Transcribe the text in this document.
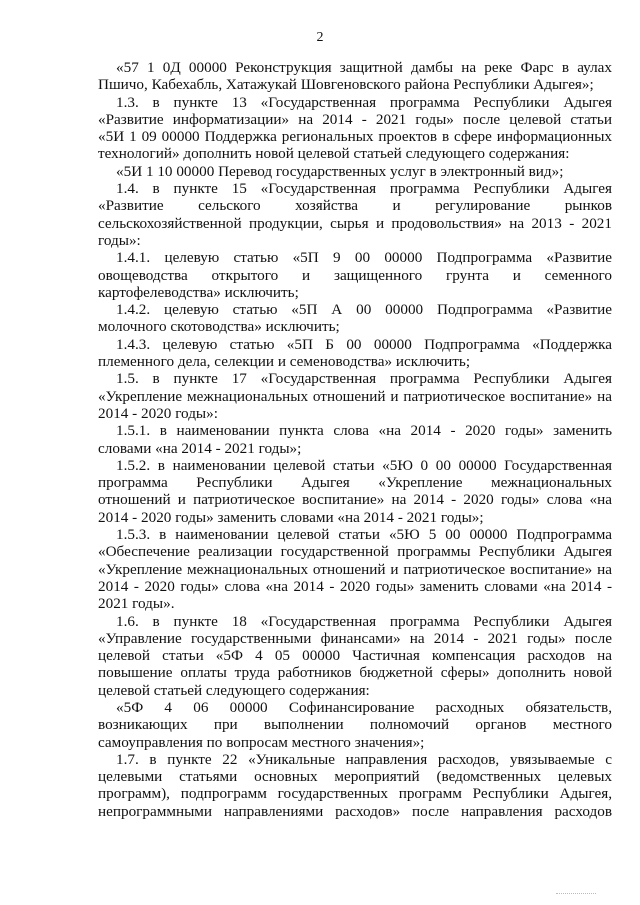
2
«57 1 0Д 00000 Реконструкция защитной дамбы на реке Фарс в аулах
Пшичо, Кабехабль, Хатажукай Шовгеновского района Республики Адыгея»;
1.3. в пункте 13 «Государственная программа Республики Адыгея
«Развитие информатизации» на 2014 - 2021 годы» после целевой статьи
«5И 1 09 00000 Поддержка региональных проектов в сфере информационных
технологий» дополнить новой целевой статьей следующего содержания:
«5И 1 10 00000 Перевод государственных услуг в электронный вид»;
1.4. в пункте 15 «Государственная программа Республики Адыгея
«Развитие сельского хозяйства и регулирование рынков
сельскохозяйственной продукции, сырья и продовольствия» на 2013 - 2021
годы»:
1.4.1. целевую статью «5П 9 00 00000 Подпрограмма «Развитие
овощеводства открытого и защищенного грунта и семенного
картофелеводства» исключить;
1.4.2. целевую статью «5П А 00 00000 Подпрограмма «Развитие
молочного скотоводства» исключить;
1.4.3. целевую статью «5П Б 00 00000 Подпрограмма «Поддержка
племенного дела, селекции и семеноводства» исключить;
1.5. в пункте 17 «Государственная программа Республики Адыгея
«Укрепление межнациональных отношений и патриотическое воспитание» на
2014 - 2020 годы»:
1.5.1. в наименовании пункта слова «на 2014 - 2020 годы» заменить
словами «на 2014 - 2021 годы»;
1.5.2. в наименовании целевой статьи «5Ю 0 00 00000 Государственная
программа Республики Адыгея «Укрепление межнациональных
отношений и патриотическое воспитание» на 2014 - 2020 годы» слова «на
2014 - 2020 годы» заменить словами «на 2014 - 2021 годы»;
1.5.3. в наименовании целевой статьи «5Ю 5 00 00000 Подпрограмма
«Обеспечение реализации государственной программы Республики Адыгея
«Укрепление межнациональных отношений и патриотическое воспитание» на
2014 - 2020 годы» слова «на 2014 - 2020 годы» заменить словами «на 2014 -
2021 годы».
1.6. в пункте 18 «Государственная программа Республики Адыгея
«Управление государственными финансами» на 2014 - 2021 годы» после
целевой статьи «5Ф 4 05 00000 Частичная компенсация расходов на
повышение оплаты труда работников бюджетной сферы» дополнить новой
целевой статьей следующего содержания:
«5Ф 4 06 00000 Софинансирование расходных обязательств,
возникающих при выполнении полномочий органов местного
самоуправления по вопросам местного значения»;
1.7. в пункте 22 «Уникальные направления расходов, увязываемые с
целевыми статьями основных мероприятий (ведомственных целевых
программ), подпрограмм государственных программ Республики Адыгея,
непрограммными направлениями расходов» после направления расходов
